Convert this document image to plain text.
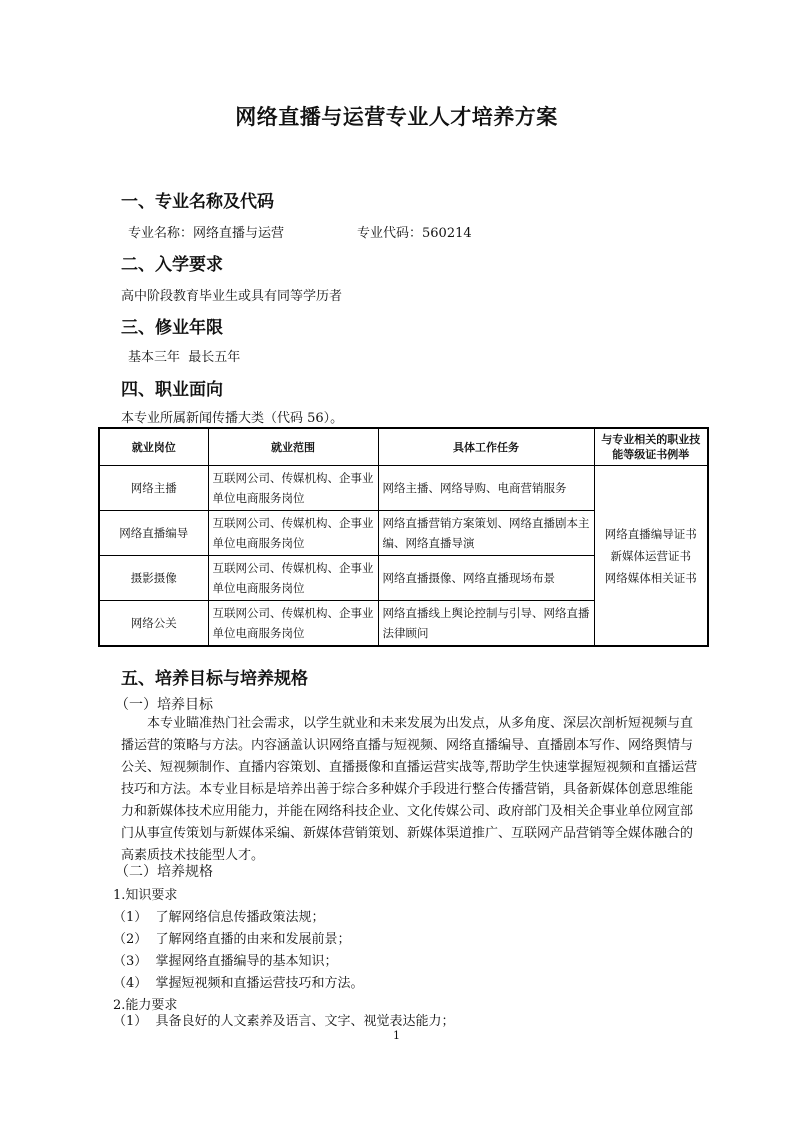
网络直播与运营专业人才培养方案
一、专业名称及代码
专业名称：网络直播与运营	专业代码：560214
二、入学要求
高中阶段教育毕业生或具有同等学历者
三、修业年限
基本三年  最长五年
四、职业面向
本专业所属新闻传播大类（代码 56）。
就业岗位	就业范围	具体工作任务	与专业相关的职业技能等级证书例举
网络主播	互联网公司、传媒机构、企事业单位电商服务岗位	网络主播、网络导购、电商营销服务	网络直播编导证书
新媒体运营证书
网络媒体相关证书

网络直播编导	互联网公司、传媒机构、企事业单位电商服务岗位	网络直播营销方案策划、网络直播剧本主编、网络直播导演	
摄影摄像	互联网公司、传媒机构、企事业单位电商服务岗位	网络直播摄像、网络直播现场布景	
网络公关	互联网公司、传媒机构、企事业单位电商服务岗位	网络直播线上舆论控制与引导、网络直播法律顾问	
五、培养目标与培养规格
（一）培养目标
本专业瞄准热门社会需求，以学生就业和未来发展为出发点，从多角度、深层次剖析短视频与直播运营的策略与方法。内容涵盖认识网络直播与短视频、网络直播编导、直播剧本写作、网络舆情与公关、短视频制作、直播内容策划、直播摄像和直播运营实战等,帮助学生快速掌握短视频和直播运营技巧和方法。本专业目标是培养出善于综合多种媒介手段进行整合传播营销，具备新媒体创意思维能力和新媒体技术应用能力，并能在网络科技企业、文化传媒公司、政府部门及相关企事业单位网宣部门从事宣传策划与新媒体采编、新媒体营销策划、新媒体渠道推广、互联网产品营销等全媒体融合的高素质技术技能型人才。
（二）培养规格
1.知识要求
（1）  了解网络信息传播政策法规；
（2）  了解网络直播的由来和发展前景；
（3）  掌握网络直播编导的基本知识；
（4）  掌握短视频和直播运营技巧和方法。
2.能力要求
（1）  具备良好的人文素养及语言、文字、视觉表达能力；
1
